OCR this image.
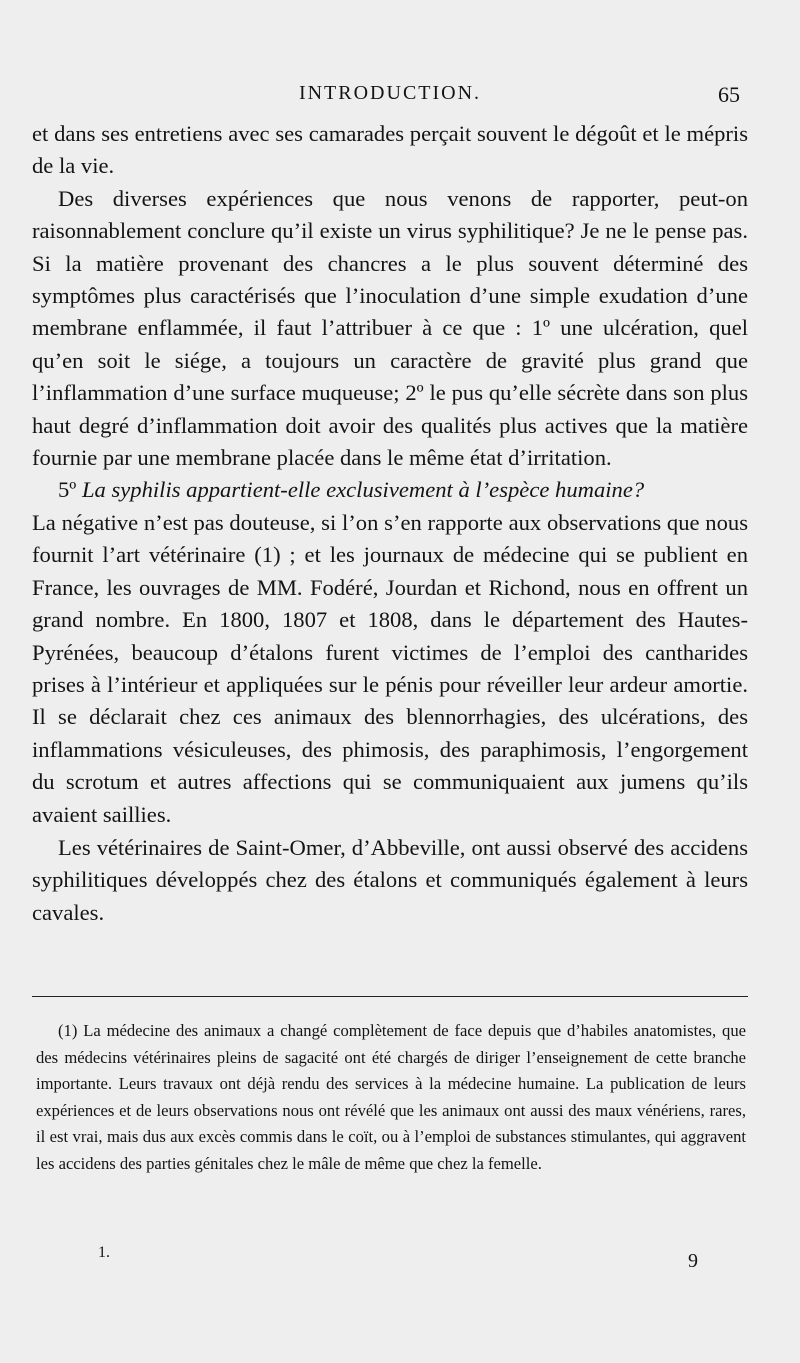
INTRODUCTION.	65

et dans ses entretiens avec ses camarades perçait souvent le dégoût et le mépris de la vie.

Des diverses expériences que nous venons de rapporter, peut-on raisonnablement conclure qu’il existe un virus syphilitique? Je ne le pense pas. Si la matière provenant des chancres a le plus souvent déterminé des symptômes plus caractérisés que l’inoculation d’une simple exudation d’une membrane enflammée, il faut l’attribuer à ce que : 1º une ulcération, quel qu’en soit le siége, a toujours un caractère de gravité plus grand que l’inflammation d’une surface muqueuse; 2º le pus qu’elle sécrète dans son plus haut degré d’inflammation doit avoir des qualités plus actives que la matière fournie par une membrane placée dans le même état d’irritation.

5º La syphilis appartient-elle exclusivement à l’espèce humaine?

La négative n’est pas douteuse, si l’on s’en rapporte aux observations que nous fournit l’art vétérinaire (1) ; et les journaux de médecine qui se publient en France, les ouvrages de MM. Fodéré, Jourdan et Richond, nous en offrent un grand nombre. En 1800, 1807 et 1808, dans le département des Hautes-Pyrénées, beaucoup d’étalons furent victimes de l’emploi des cantharides prises à l’intérieur et appliquées sur le pénis pour réveiller leur ardeur amortie. Il se déclarait chez ces animaux des blennorrhagies, des ulcérations, des inflammations vésiculeuses, des phimosis, des paraphimosis, l’engorgement du scrotum et autres affections qui se communiquaient aux jumens qu’ils avaient saillies.

Les vétérinaires de Saint-Omer, d’Abbeville, ont aussi observé des accidens syphilitiques développés chez des étalons et communiqués également à leurs cavales.

(1) La médecine des animaux a changé complètement de face depuis que d’habiles anatomistes, que des médecins vétérinaires pleins de sagacité ont été chargés de diriger l’enseignement de cette branche importante. Leurs travaux ont déjà rendu des services à la médecine humaine. La publication de leurs expériences et de leurs observations nous ont révélé que les animaux ont aussi des maux vénériens, rares, il est vrai, mais dus aux excès commis dans le coït, ou à l’emploi de substances stimulantes, qui aggravent les accidens des parties génitales chez le mâle de même que chez la femelle.
1.	9
